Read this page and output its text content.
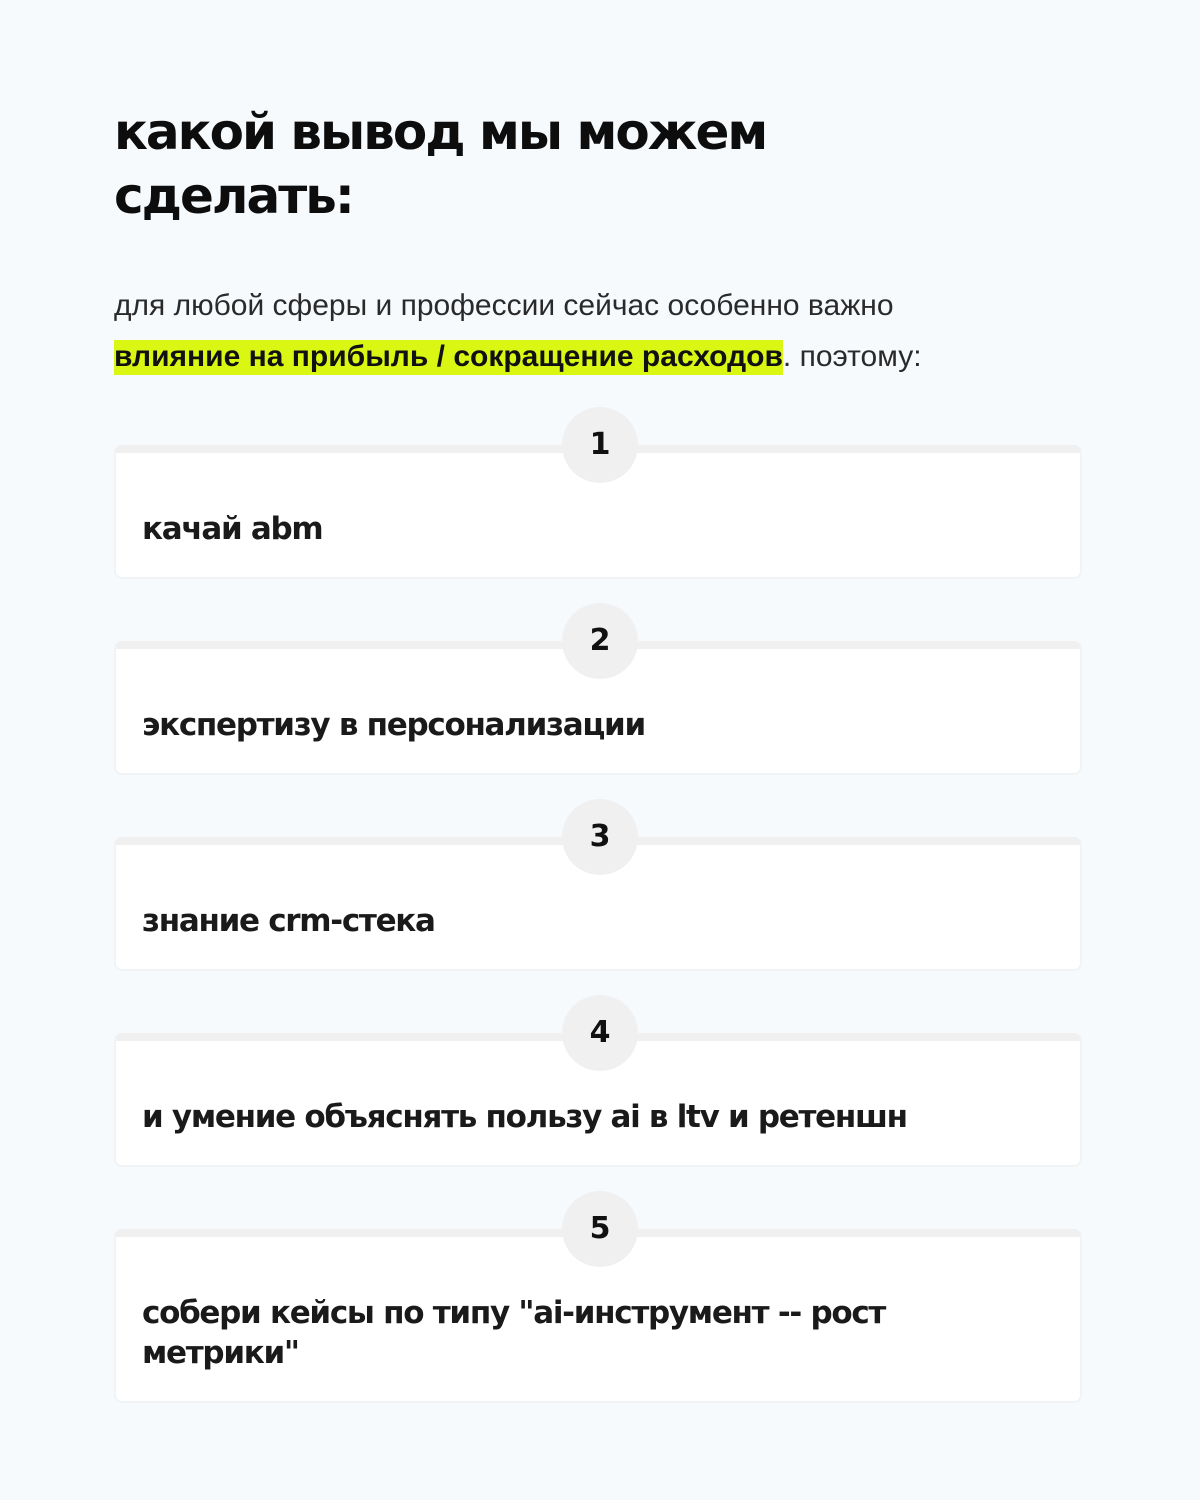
какой вывод мы можем сделать:

для любой сферы и профессии сейчас особенно важно
влияние на прибыль / сокращение расходов. поэтому:

1
качай abm
2
экспертизу в персонализации
3
знание crm-стека
4
и умение объяснять пользу ai в ltv и ретеншн
5
собери кейсы по типу "ai-инструмент -- рост метрики"
